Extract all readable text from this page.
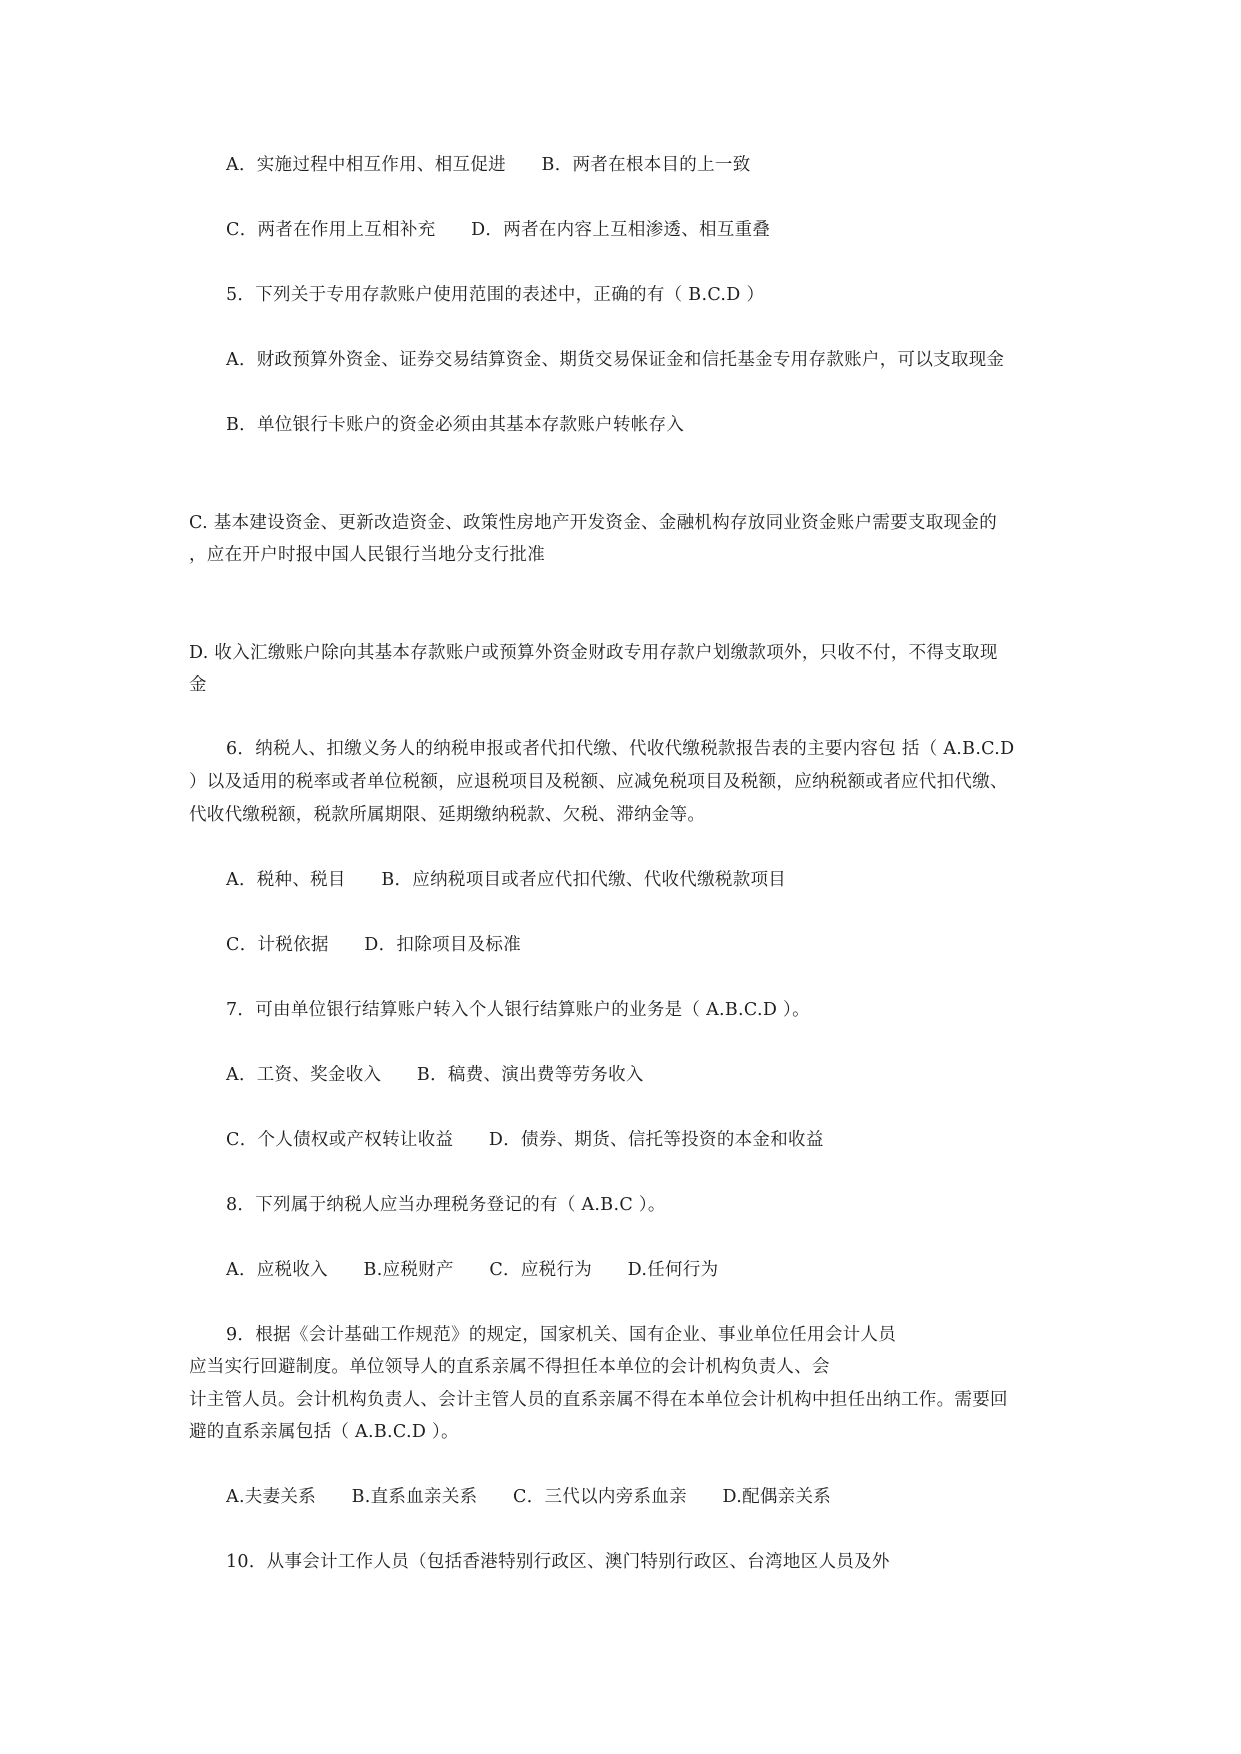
A．实施过程中相互作用、相互促进　　B．两者在根本目的上一致
C．两者在作用上互相补充　　D．两者在内容上互相渗透、相互重叠
5．下列关于专用存款账户使用范围的表述中，正确的有（ B.C.D ）
A．财政预算外资金、证券交易结算资金、期货交易保证金和信托基金专用存款账户，可以支取现金
B．单位银行卡账户的资金必须由其基本存款账户转帐存入
C. 基本建设资金、更新改造资金、政策性房地产开发资金、金融机构存放同业资金账户需要支取现金的
，应在开户时报中国人民银行当地分支行批准
D. 收入汇缴账户除向其基本存款账户或预算外资金财政专用存款户划缴款项外，只收不付，不得支取现
金
6．纳税人、扣缴义务人的纳税申报或者代扣代缴、代收代缴税款报告表的主要内容包 括（ A.B.C.D
）以及适用的税率或者单位税额，应退税项目及税额、应减免税项目及税额，应纳税额或者应代扣代缴、
代收代缴税额，税款所属期限、延期缴纳税款、欠税、滞纳金等。
A．税种、税目　　B．应纳税项目或者应代扣代缴、代收代缴税款项目
C．计税依据　　D．扣除项目及标准
7．可由单位银行结算账户转入个人银行结算账户的业务是（ A.B.C.D ）。
A．工资、奖金收入　　B．稿费、演出费等劳务收入
C．个人债权或产权转让收益　　D．债券、期货、信托等投资的本金和收益
8．下列属于纳税人应当办理税务登记的有（ A.B.C ）。
A．应税收入　　B.应税财产　　C．应税行为　　D.任何行为
9．根据《会计基础工作规范》的规定，国家机关、国有企业、事业单位任用会计人员
应当实行回避制度。单位领导人的直系亲属不得担任本单位的会计机构负责人、会
计主管人员。会计机构负责人、会计主管人员的直系亲属不得在本单位会计机构中担任出纳工作。需要回
避的直系亲属包括（ A.B.C.D ）。
A.夫妻关系　　B.直系血亲关系　　C．三代以内旁系血亲　　D.配偶亲关系
10．从事会计工作人员（包括香港特别行政区、澳门特别行政区、台湾地区人员及外
